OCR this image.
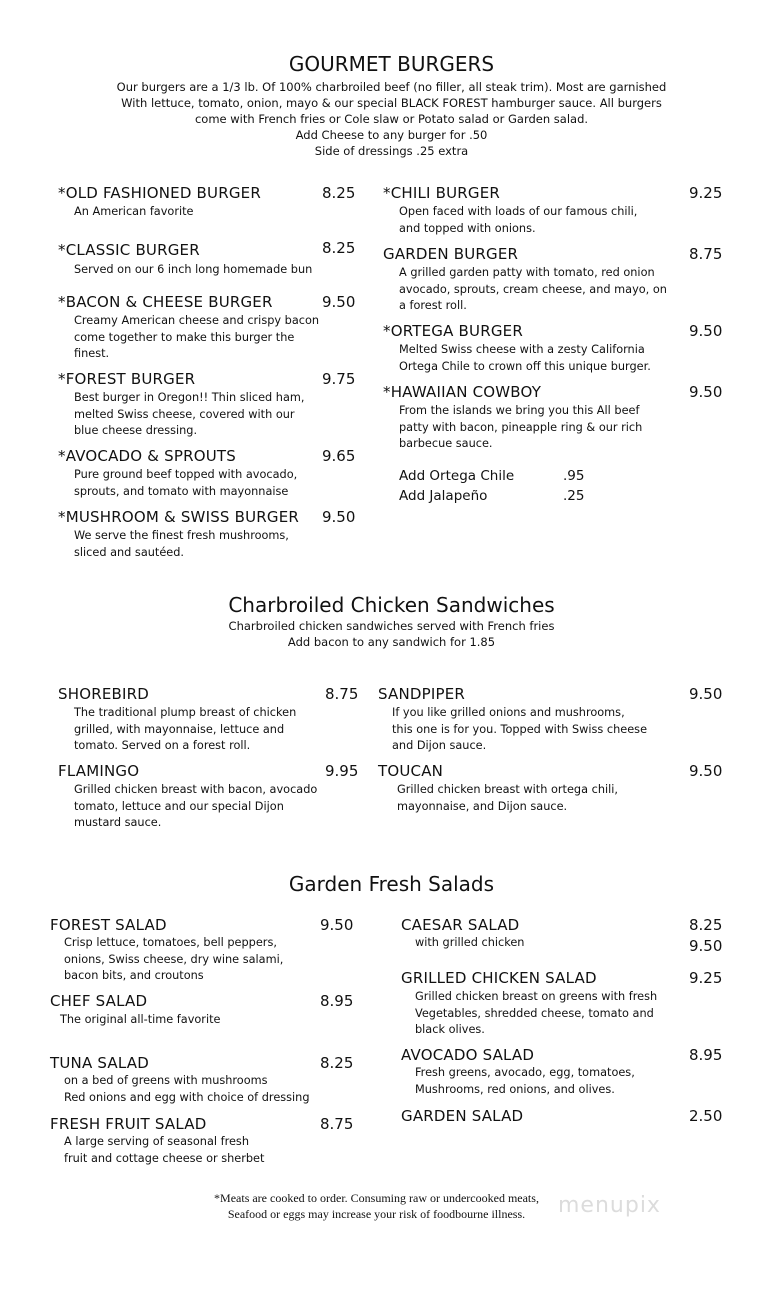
GOURMET BURGERS
Our burgers are a 1/3 lb. Of 100% charbroiled beef (no filler, all steak trim). Most are garnished
With lettuce, tomato, onion, mayo & our special BLACK FOREST hamburger sauce. All burgers
come with French fries or Cole slaw or Potato salad or Garden salad.
Add Cheese to any burger for .50
Side of dressings .25 extra
*OLD FASHIONED BURGER	8.25
An American favorite
*CLASSIC BURGER	8.25
Served on our 6 inch long homemade bun
*BACON & CHEESE BURGER	9.50
Creamy American cheese and crispy bacon
come together to make this burger the
finest.
*FOREST BURGER	9.75
Best burger in Oregon!! Thin sliced ham,
melted Swiss cheese, covered with our
blue cheese dressing.
*AVOCADO & SPROUTS	9.65
Pure ground beef topped with avocado,
sprouts, and tomato with mayonnaise
*MUSHROOM & SWISS BURGER 9.50
We serve the finest fresh mushrooms,
sliced and sautéed.
*CHILI BURGER	9.25
Open faced with loads of our famous chili,
and topped with onions.
GARDEN BURGER	8.75
A grilled garden patty with tomato, red onion
avocado, sprouts, cream cheese, and mayo, on
a forest roll.
*ORTEGA BURGER	9.50
Melted Swiss cheese with a zesty California
Ortega Chile to crown off this unique burger.
*HAWAIIAN COWBOY	9.50
From the islands we bring you this All beef
patty with bacon, pineapple ring & our rich
barbecue sauce.
Add Ortega Chile	.95
Add Jalapeño	.25
Charbroiled Chicken Sandwiches
Charbroiled chicken sandwiches served with French fries
Add bacon to any sandwich for 1.85
SHOREBIRD	8.75
The traditional plump breast of chicken
grilled, with mayonnaise, lettuce and
tomato. Served on a forest roll.
FLAMINGO	9.95
Grilled chicken breast with bacon, avocado
tomato, lettuce and our special Dijon
mustard sauce.
SANDPIPER	9.50
If you like grilled onions and mushrooms,
this one is for you. Topped with Swiss cheese
and Dijon sauce.
TOUCAN	9.50
Grilled chicken breast with ortega chili,
mayonnaise, and Dijon sauce.
Garden Fresh Salads
FOREST SALAD	9.50
Crisp lettuce, tomatoes, bell peppers,
onions, Swiss cheese, dry wine salami,
bacon bits, and croutons
CHEF SALAD	8.95
The original all-time favorite
TUNA SALAD	8.25
on a bed of greens with mushrooms
Red onions and egg with choice of dressing
FRESH FRUIT SALAD	8.75
A large serving of seasonal fresh
fruit and cottage cheese or sherbet
CAESAR SALAD	8.25
9.50
with grilled chicken
GRILLED CHICKEN SALAD	9.25
Grilled chicken breast on greens with fresh
Vegetables, shredded cheese, tomato and
black olives.
AVOCADO SALAD	8.95
Fresh greens, avocado, egg, tomatoes,
Mushrooms, red onions, and olives.
GARDEN SALAD	2.50
*Meats are cooked to order. Consuming raw or undercooked meats,
Seafood or eggs may increase your risk of foodbourne illness.	menupix
